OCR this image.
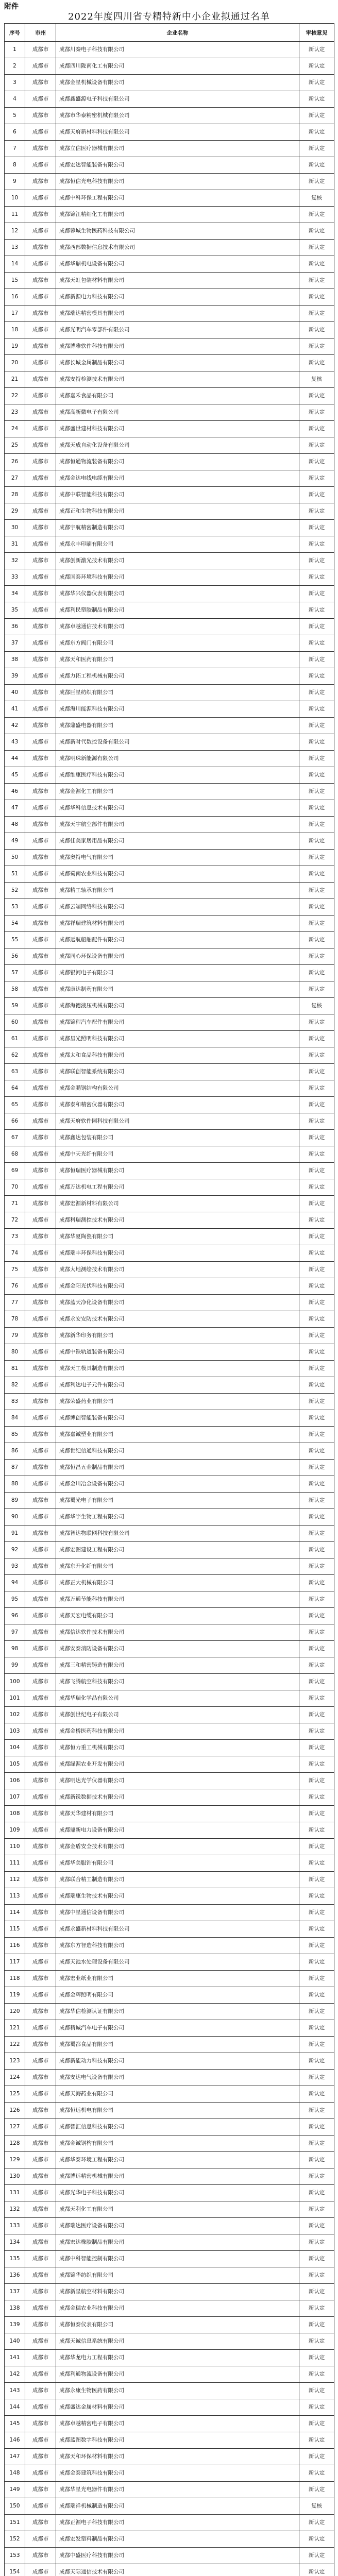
附件
2022年度四川省专精特新中小企业拟通过名单
序号	市州	企业名称	审核意见
1	成都市	成都川秦电子科技有限公司	新认定
2	成都市	成都四川陇南化工有限公司	新认定
3	成都市	成都金星机械设备有限公司	新认定
4	成都市	成都鑫盛源电子科技有限公司	新认定
5	成都市	成都市华泰精密机械有限公司	新认定
6	成都市	成都天府新材料科技有限公司	新认定
7	成都市	成都立信医疗器械有限公司	新认定
8	成都市	成都宏达智能装备有限公司	新认定
9	成都市	成都恒信光电科技有限公司	新认定
10	成都市	成都中科环保工程有限公司	复核
11	成都市	成都锦江精细化工有限公司	新认定
12	成都市	成都蓉城生物医药科技有限公司	新认定
13	成都市	成都西部数据信息技术有限公司	新认定
14	成都市	成都华鼎机电设备有限公司	新认定
15	成都市	成都天虹包装材料有限公司	新认定
16	成都市	成都新源电力科技有限公司	新认定
17	成都市	成都瑞达精密模具有限公司	新认定
18	成都市	成都光明汽车零部件有限公司	新认定
19	成都市	成都博雅软件科技有限公司	新认定
20	成都市	成都长城金属制品有限公司	新认定
21	成都市	成都安特检测技术有限公司	复核
22	成都市	成都嘉禾食品有限公司	新认定
23	成都市	成都高新微电子有限公司	新认定
24	成都市	成都盛世建材科技有限公司	新认定
25	成都市	成都天成自动化设备有限公司	新认定
26	成都市	成都恒通物流装备有限公司	新认定
27	成都市	成都金达电线电缆有限公司	新认定
28	成都市	成都中联智能科技有限公司	新认定
29	成都市	成都正和生物科技有限公司	新认定
30	成都市	成都宇航精密制造有限公司	新认定
31	成都市	成都永丰印刷有限公司	新认定
32	成都市	成都创新激光技术有限公司	新认定
33	成都市	成都国泰环境科技有限公司	新认定
34	成都市	成都华兴仪器仪表有限公司	新认定
35	成都市	成都利民塑胶制品有限公司	新认定
36	成都市	成都卓越通信技术有限公司	新认定
37	成都市	成都东方阀门有限公司	新认定
38	成都市	成都天和医药有限公司	新认定
39	成都市	成都力拓工程机械有限公司	新认定
40	成都市	成都巨星纺织有限公司	新认定
41	成都市	成都海川能源科技有限公司	新认定
42	成都市	成都鼎盛电器有限公司	新认定
43	成都市	成都新时代数控设备有限公司	新认定
44	成都市	成都明珠新能源有限公司	新认定
45	成都市	成都维康医疗科技有限公司	新认定
46	成都市	成都金源化工有限公司	新认定
47	成都市	成都华科信息技术有限公司	新认定
48	成都市	成都天宇航空部件有限公司	新认定
49	成都市	成都佳美家居用品有限公司	新认定
50	成都市	成都奥特电气有限公司	新认定
51	成都市	成都蜀南农业科技有限公司	新认定
52	成都市	成都精工轴承有限公司	新认定
53	成都市	成都云端网络科技有限公司	新认定
54	成都市	成都祥瑞建筑材料有限公司	新认定
55	成都市	成都远航船舶配件有限公司	新认定
56	成都市	成都同心环保设备有限公司	新认定
57	成都市	成都银河电子有限公司	新认定
58	成都市	成都康达制药有限公司	新认定
59	成都市	成都海德液压机械有限公司	复核
60	成都市	成都锦程汽车配件有限公司	新认定
61	成都市	成都星光照明科技有限公司	新认定
62	成都市	成都太和食品科技有限公司	新认定
63	成都市	成都联创智能系统有限公司	新认定
64	成都市	成都金鹏钢结构有限公司	新认定
65	成都市	成都泰和精密仪器有限公司	新认定
66	成都市	成都天府软件园科技有限公司	新认定
67	成都市	成都鑫达包装有限公司	新认定
68	成都市	成都中天光纤有限公司	新认定
69	成都市	成都恒瑞医疗器械有限公司	新认定
70	成都市	成都万达机电工程有限公司	新认定
71	成都市	成都宏源新材料有限公司	新认定
72	成都市	成都科瑞测控技术有限公司	新认定
73	成都市	成都华夏陶瓷有限公司	新认定
74	成都市	成都瑞丰环保科技有限公司	新认定
75	成都市	成都大地测绘技术有限公司	新认定
76	成都市	成都金阳光伏科技有限公司	新认定
77	成都市	成都蓝天净化设备有限公司	新认定
78	成都市	成都永安安防技术有限公司	新认定
79	成都市	成都新华印务有限公司	新认定
80	成都市	成都中铁轨道装备有限公司	新认定
81	成都市	成都天工模具制造有限公司	新认定
82	成都市	成都利达电子元件有限公司	新认定
83	成都市	成都荣盛药业有限公司	新认定
84	成都市	成都博创智能装备有限公司	新认定
85	成都市	成都嘉诚塑业有限公司	新认定
86	成都市	成都世纪信通科技有限公司	新认定
87	成都市	成都恒昌五金制品有限公司	新认定
88	成都市	成都金川冶金设备有限公司	新认定
89	成都市	成都蜀光电子有限公司	新认定
90	成都市	成都华宇生物工程有限公司	新认定
91	成都市	成都智达物联网科技有限公司	新认定
92	成都市	成都宏图建设工程有限公司	新认定
93	成都市	成都东升化纤有限公司	新认定
94	成都市	成都正大机械有限公司	新认定
95	成都市	成都万通节能科技有限公司	新认定
96	成都市	成都天宏电缆有限公司	新认定
97	成都市	成都信达软件技术有限公司	新认定
98	成都市	成都安泰消防设备有限公司	新认定
99	成都市	成都三和精密铸造有限公司	新认定
100	成都市	成都飞腾航空科技有限公司	新认定
101	成都市	成都华瑞化学品有限公司	新认定
102	成都市	成都创世纪电子有限公司	新认定
103	成都市	成都金桥医药科技有限公司	新认定
104	成都市	成都恒力重工机械有限公司	新认定
105	成都市	成都绿源农业开发有限公司	新认定
106	成都市	成都明达光学仪器有限公司	新认定
107	成都市	成都新锐数据技术有限公司	新认定
108	成都市	成都天华建材有限公司	新认定
109	成都市	成都鼎新电力设备有限公司	新认定
110	成都市	成都金盾安全技术有限公司	新认定
111	成都市	成都华美服饰有限公司	新认定
112	成都市	成都联合精工制造有限公司	新认定
113	成都市	成都瑞康生物技术有限公司	新认定
114	成都市	成都中星通信设备有限公司	新认定
115	成都市	成都永盛新材料科技有限公司	新认定
116	成都市	成都东方智造科技有限公司	新认定
117	成都市	成都天池水处理设备有限公司	新认定
118	成都市	成都宏业纸业有限公司	新认定
119	成都市	成都金辉照明有限公司	新认定
120	成都市	成都华信检测认证有限公司	新认定
121	成都市	成都精诚汽车电子有限公司	新认定
122	成都市	成都蜀都食品有限公司	新认定
123	成都市	成都新能动力科技有限公司	新认定
124	成都市	成都安达电气设备有限公司	新认定
125	成都市	成都天海药业有限公司	新认定
126	成都市	成都恒远机电有限公司	新认定
127	成都市	成都智汇信息科技有限公司	新认定
128	成都市	成都金诚钢构有限公司	新认定
129	成都市	成都华泰环境工程有限公司	新认定
130	成都市	成都博远精密机械有限公司	新认定
131	成都市	成都光华电子科技有限公司	新认定
132	成都市	成都天利化工有限公司	新认定
133	成都市	成都瑞达医疗设备有限公司	新认定
134	成都市	成都宏达橡胶制品有限公司	新认定
135	成都市	成都中科智能控制有限公司	新认定
136	成都市	成都锦华纺织有限公司	新认定
137	成都市	成都新星航空材料有限公司	新认定
138	成都市	成都金穗农业科技有限公司	新认定
139	成都市	成都恒泰仪表有限公司	新认定
140	成都市	成都天诚信息系统有限公司	新认定
141	成都市	成都华龙电力工程有限公司	新认定
142	成都市	成都利通物流设备有限公司	新认定
143	成都市	成都永康生物医药有限公司	新认定
144	成都市	成都盛达金属材料有限公司	新认定
145	成都市	成都卓越精密电子有限公司	新认定
146	成都市	成都蓝图数字科技有限公司	新认定
147	成都市	成都天和环保材料有限公司	新认定
148	成都市	成都金泰建筑科技有限公司	新认定
149	成都市	成都华星光电器件有限公司	新认定
150	成都市	成都瑞祥机械制造有限公司	复核
151	成都市	成都正源电子科技有限公司	新认定
152	成都市	成都宏发塑料制品有限公司	新认定
153	成都市	成都中盛医疗科技有限公司	新认定
154	成都市	成都天际通信技术有限公司	新认定
